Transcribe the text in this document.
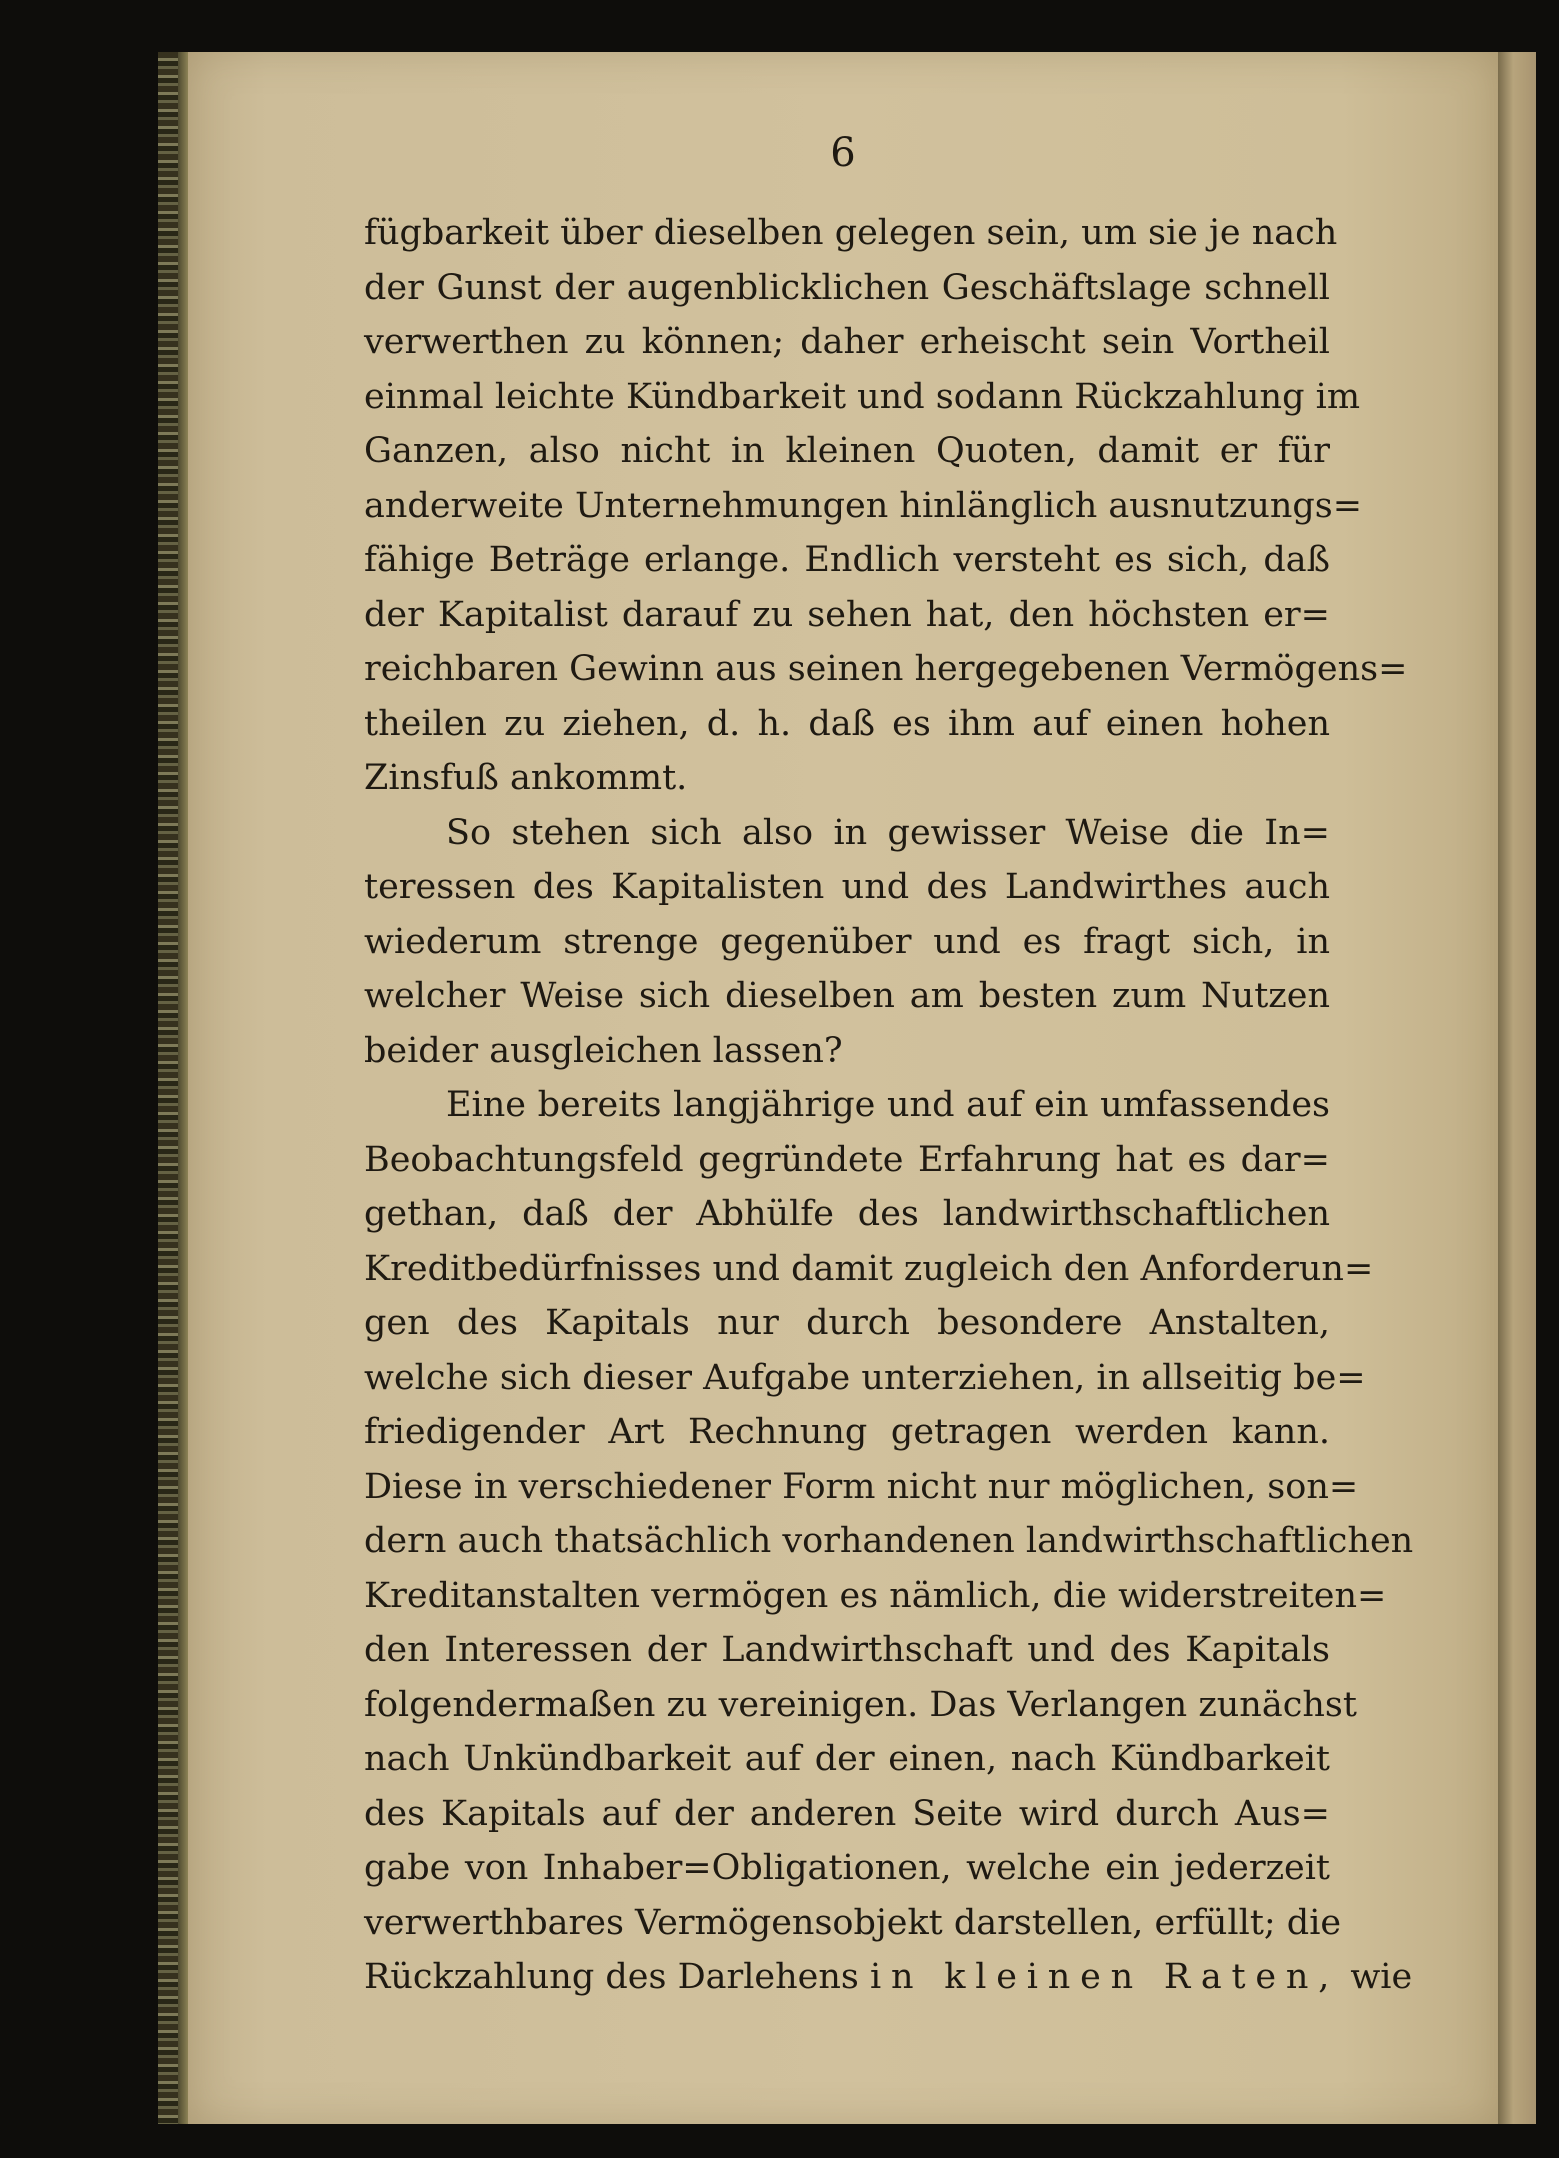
6
fügbarkeit über dieselben gelegen sein, um sie je nach
der Gunst der augenblicklichen Geschäftslage schnell
verwerthen zu können; daher erheischt sein Vortheil
einmal leichte Kündbarkeit und sodann Rückzahlung im
Ganzen, also nicht in kleinen Quoten, damit er für
anderweite Unternehmungen hinlänglich ausnutzungs=
fähige Beträge erlange. Endlich versteht es sich, daß
der Kapitalist darauf zu sehen hat, den höchsten er=
reichbaren Gewinn aus seinen hergegebenen Vermögens=
theilen zu ziehen, d. h. daß es ihm auf einen hohen
Zinsfuß ankommt.
So stehen sich also in gewisser Weise die In=
teressen des Kapitalisten und des Landwirthes auch
wiederum strenge gegenüber und es fragt sich, in
welcher Weise sich dieselben am besten zum Nutzen
beider ausgleichen lassen?
Eine bereits langjährige und auf ein umfassendes
Beobachtungsfeld gegründete Erfahrung hat es dar=
gethan, daß der Abhülfe des landwirthschaftlichen
Kreditbedürfnisses und damit zugleich den Anforderun=
gen des Kapitals nur durch besondere Anstalten,
welche sich dieser Aufgabe unterziehen, in allseitig be=
friedigender Art Rechnung getragen werden kann.
Diese in verschiedener Form nicht nur möglichen, son=
dern auch thatsächlich vorhandenen landwirthschaftlichen
Kreditanstalten vermögen es nämlich, die widerstreiten=
den Interessen der Landwirthschaft und des Kapitals
folgendermaßen zu vereinigen. Das Verlangen zunächst
nach Unkündbarkeit auf der einen, nach Kündbarkeit
des Kapitals auf der anderen Seite wird durch Aus=
gabe von Inhaber=Obligationen, welche ein jederzeit
verwerthbares Vermögensobjekt darstellen, erfüllt; die
Rückzahlung des Darlehens in kleinen Raten, wie
